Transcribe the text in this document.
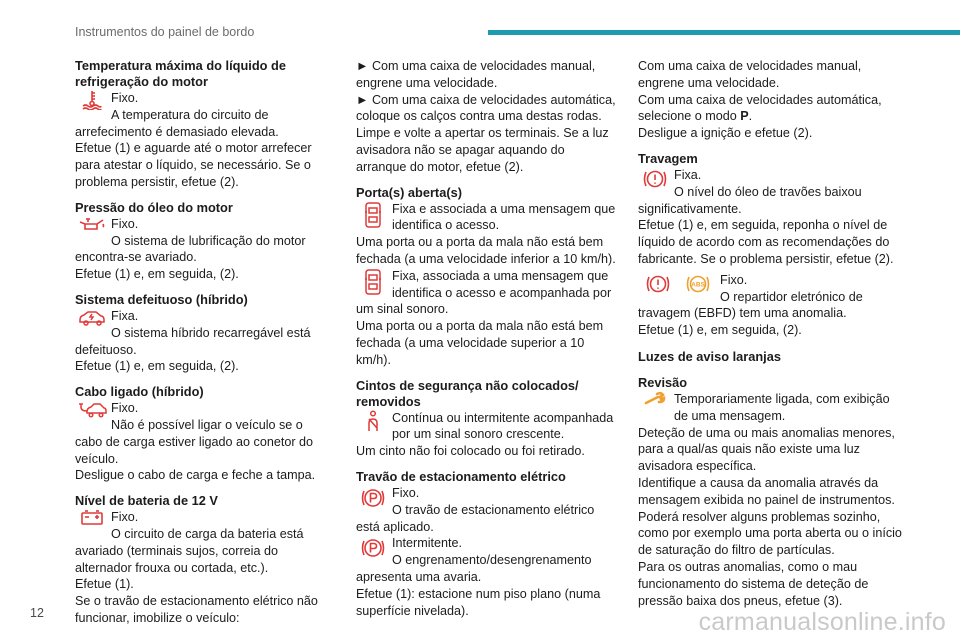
Instrumentos do painel de bordo
Temperatura máxima do líquido de refrigeração do motor

Fixo.

A temperatura do circuito de arrefecimento é demasiado elevada.

Efetue (1) e aguarde até o motor arrefecer para atestar o líquido, se necessário. Se o problema persistir, efetue (2).

Pressão do óleo do motor

Fixo.

O sistema de lubrificação do motor encontra-se avariado.

Efetue (1) e, em seguida, (2).

Sistema defeituoso (híbrido)

Fixa.

O sistema híbrido recarregável está defeituoso.

Efetue (1) e, em seguida, (2).

Cabo ligado (híbrido)

Fixo.

Não é possível ligar o veículo se o cabo de carga estiver ligado ao conetor do veículo.

Desligue o cabo de carga e feche a tampa.

Nível de bateria de 12 V

Fixo.

O circuito de carga da bateria está avariado (terminais sujos, correia do alternador frouxa ou cortada, etc.).

Efetue (1).

Se o travão de estacionamento elétrico não funcionar, imobilize o veículo:

► Com uma caixa de velocidades manual, engrene uma velocidade.

► Com uma caixa de velocidades automática, coloque os calços contra uma destas rodas.

Limpe e volte a apertar os terminais. Se a luz avisadora não se apagar aquando do arranque do motor, efetue (2).

Porta(s) aberta(s)

Fixa e associada a uma mensagem que identifica o acesso.

Uma porta ou a porta da mala não está bem fechada (a uma velocidade inferior a 10 km/h).

Fixa, associada a uma mensagem que identifica o acesso e acompanhada por um sinal sonoro.

Uma porta ou a porta da mala não está bem fechada (a uma velocidade superior a 10 km/h).

Cintos de segurança não colocados/ removidos

Contínua ou intermitente acompanhada por um sinal sonoro crescente.

Um cinto não foi colocado ou foi retirado.

Travão de estacionamento elétrico

Fixo.

O travão de estacionamento elétrico está aplicado.

Intermitente.

O engrenamento/desengrenamento apresenta uma avaria.

Efetue (1): estacione num piso plano (numa superfície nivelada).

Com uma caixa de velocidades manual, engrene uma velocidade.

Com uma caixa de velocidades automática, selecione o modo P.

Desligue a ignição e efetue (2).

Travagem

Fixa.

O nível do óleo de travões baixou significativamente.

Efetue (1) e, em seguida, reponha o nível de líquido de acordo com as recomendações do fabricante. Se o problema persistir, efetue (2).

ABS	Fixo.

O repartidor eletrónico de travagem (EBFD) tem uma anomalia.

Efetue (1) e, em seguida, (2).

Luzes de aviso laranjas
Revisão

Temporariamente ligada, com exibição de uma mensagem.

Deteção de uma ou mais anomalias menores, para a qual/as quais não existe uma luz avisadora específica.

Identifique a causa da anomalia através da mensagem exibida no painel de instrumentos.

Poderá resolver alguns problemas sozinho, como por exemplo uma porta aberta ou o início de saturação do filtro de partículas.

Para os outras anomalias, como o mau funcionamento do sistema de deteção de pressão baixa dos pneus, efetue (3).

12	carmanualsonline.info
